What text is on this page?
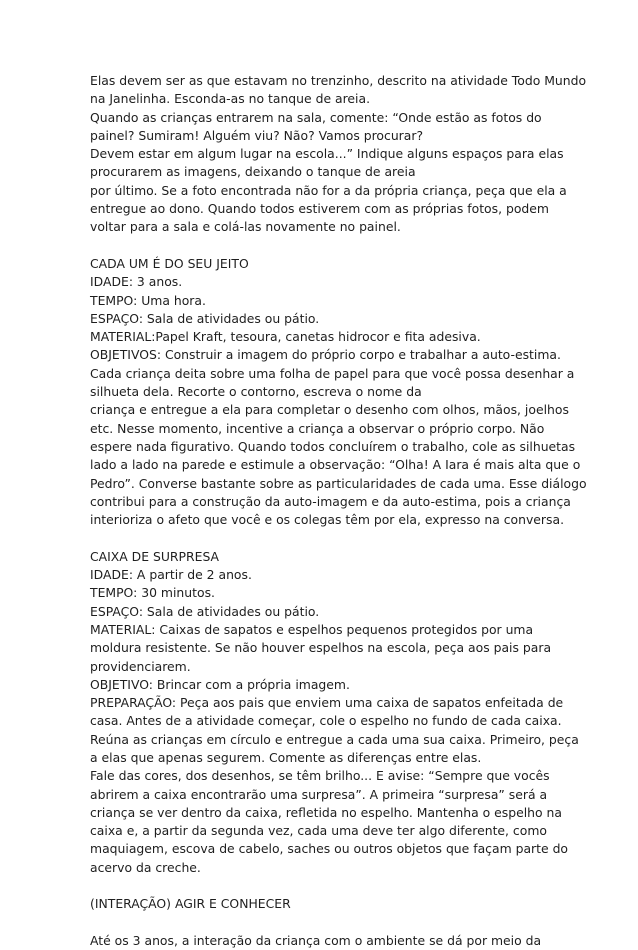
Elas devem ser as que estavam no trenzinho, descrito na atividade Todo Mundo
na Janelinha. Esconda-as no tanque de areia.
Quando as crianças entrarem na sala, comente: “Onde estão as fotos do
painel? Sumiram! Alguém viu? Não? Vamos procurar?
Devem estar em algum lugar na escola...” Indique alguns espaços para elas
procurarem as imagens, deixando o tanque de areia
por último. Se a foto encontrada não for a da própria criança, peça que ela a
entregue ao dono. Quando todos estiverem com as próprias fotos, podem
voltar para a sala e colá-las novamente no painel.
CADA UM É DO SEU JEITO
IDADE: 3 anos.
TEMPO: Uma hora.
ESPAÇO: Sala de atividades ou pátio.
MATERIAL:Papel Kraft, tesoura, canetas hidrocor e fita adesiva.
OBJETIVOS: Construir a imagem do próprio corpo e trabalhar a auto-estima.
Cada criança deita sobre uma folha de papel para que você possa desenhar a
silhueta dela. Recorte o contorno, escreva o nome da
criança e entregue a ela para completar o desenho com olhos, mãos, joelhos
etc. Nesse momento, incentive a criança a observar o próprio corpo. Não
espere nada figurativo. Quando todos concluírem o trabalho, cole as silhuetas
lado a lado na parede e estimule a observação: “Olha! A Iara é mais alta que o
Pedro”. Converse bastante sobre as particularidades de cada uma. Esse diálogo
contribui para a construção da auto-imagem e da auto-estima, pois a criança
interioriza o afeto que você e os colegas têm por ela, expresso na conversa.
CAIXA DE SURPRESA
IDADE: A partir de 2 anos.
TEMPO: 30 minutos.
ESPAÇO: Sala de atividades ou pátio.
MATERIAL: Caixas de sapatos e espelhos pequenos protegidos por uma
moldura resistente. Se não houver espelhos na escola, peça aos pais para
providenciarem.
OBJETIVO: Brincar com a própria imagem.
PREPARAÇÃO: Peça aos pais que enviem uma caixa de sapatos enfeitada de
casa. Antes de a atividade começar, cole o espelho no fundo de cada caixa.
Reúna as crianças em círculo e entregue a cada uma sua caixa. Primeiro, peça
a elas que apenas segurem. Comente as diferenças entre elas.
Fale das cores, dos desenhos, se têm brilho... E avise: “Sempre que vocês
abrirem a caixa encontrarão uma surpresa”. A primeira “surpresa” será a
criança se ver dentro da caixa, refletida no espelho. Mantenha o espelho na
caixa e, a partir da segunda vez, cada uma deve ter algo diferente, como
maquiagem, escova de cabelo, saches ou outros objetos que façam parte do
acervo da creche.
(INTERAÇÃO) AGIR E CONHECER
Até os 3 anos, a interação da criança com o ambiente se dá por meio da
